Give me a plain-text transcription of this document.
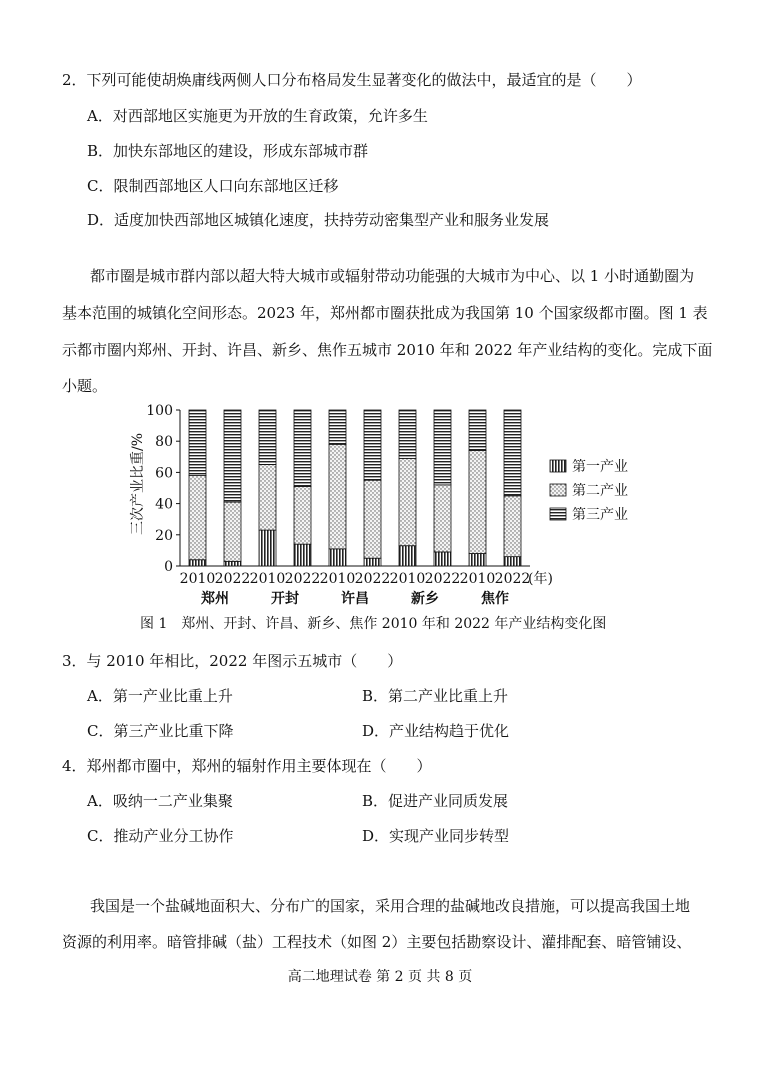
2．下列可能使胡焕庸线两侧人口分布格局发生显著变化的做法中，最适宜的是（　　）
A．对西部地区实施更为开放的生育政策，允许多生
B．加快东部地区的建设，形成东部城市群
C．限制西部地区人口向东部地区迁移
D．适度加快西部地区城镇化速度，扶持劳动密集型产业和服务业发展
都市圈是城市群内部以超大特大城市或辐射带动功能强的大城市为中心、以 1 小时通勤圈为
基本范围的城镇化空间形态。2023 年，郑州都市圈获批成为我国第 10 个国家级都市圈。图 1 表
示都市圈内郑州、开封、许昌、新乡、焦作五城市 2010 年和 2022 年产业结构的变化。完成下面
小题。
三次产业比重/%
0
20
40
60
80
100
2010 2022 2010 2022 2010 2022 2010 2022 2010 2022
(年)
郑州	开封	许昌	新乡	焦作
第一产业
第二产业
第三产业
图 1　郑州、开封、许昌、新乡、焦作 2010 年和 2022 年产业结构变化图
3．与 2010 年相比，2022 年图示五城市（　　）
A．第一产业比重上升	B．第二产业比重上升
C．第三产业比重下降	D．产业结构趋于优化
4．郑州都市圈中，郑州的辐射作用主要体现在（　　）
A．吸纳一二产业集聚	B．促进产业同质发展
C．推动产业分工协作	D．实现产业同步转型
我国是一个盐碱地面积大、分布广的国家，采用合理的盐碱地改良措施，可以提高我国土地
资源的利用率。暗管排碱（盐）工程技术（如图 2）主要包括勘察设计、灌排配套、暗管铺设、
高二地理试卷 第 2 页 共 8 页
